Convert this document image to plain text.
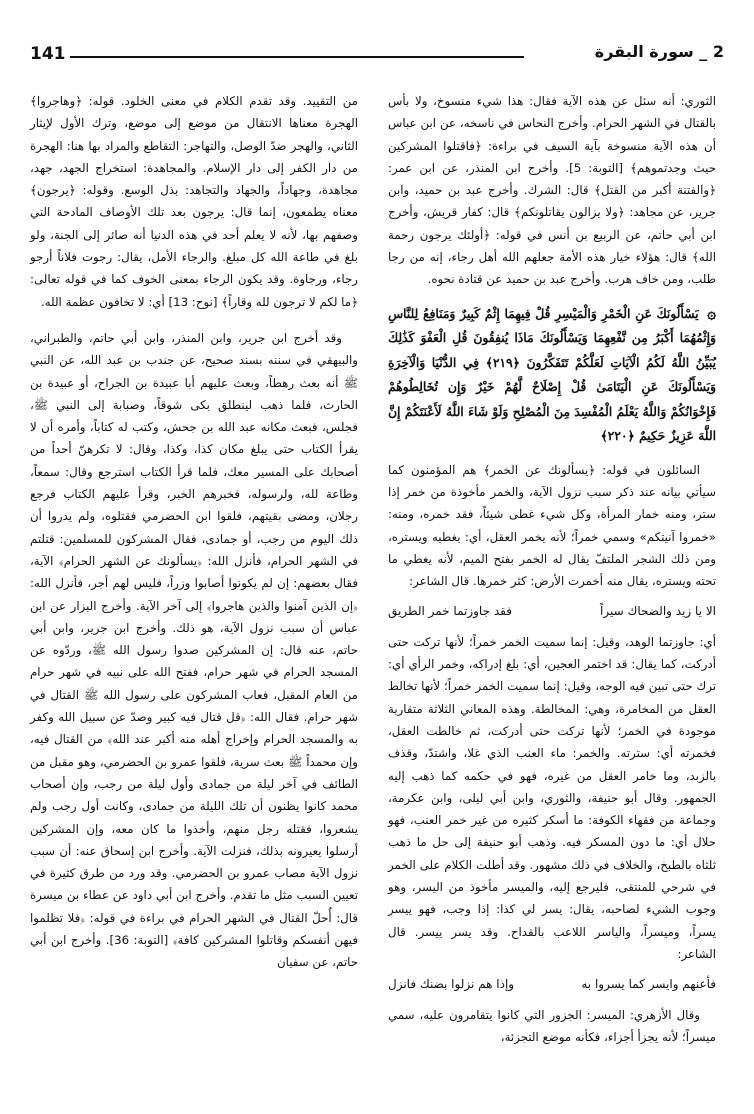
141	2 _ سورة البقرة

من التقييد. وقد تقدم الكلام في معنى الخلود. قوله: ﴿وهاجروا﴾ الهجرة معناها الانتقال من موضع إلى موضع، وترك الأول لإيثار الثاني، والهجر ضدّ الوصل، والتهاجر: التقاطع والمراد بها هنا: الهجرة من دار الكفر إلى دار الإسلام. والمجاهدة: استخراج الجهد، جهد، مجاهدة، وجهاداً، والجهاد والتجاهد: بذل الوسع. وقوله: ﴿يرجون﴾ معناه يطمعون، إنما قال: يرجون بعد تلك الأوصاف المادحة التي وصفهم بها، لأنه لا يعلم أحد في هذه الدنيا أنه صائر إلى الجنة، ولو بلغ في طاعة الله كل مبلغ. والرجاء الأمل، يقال: رجوت فلاناً أرجو رجاء، ورجاوة. وقد يكون الرجاء بمعنى الخوف كما في قوله تعالى: ﴿ما لكم لا ترجون لله وقاراً﴾ [نوح: 13] أي: لا تخافون عظمة الله.

وقد أخرج ابن جرير، وابن المنذر، وابن أبي حاتم، والطبراني، والبيهقي في سننه بسند صحيح، عن جندب بن عبد الله، عن النبي ﷺ أنه بعث رهطاً، وبعث عليهم أبا عبيدة بن الجراح، أو عبيدة بن الحارث، فلما ذهب لينطلق بكى شوقاً، وصبابة إلى النبي ﷺ، فجلس، فبعث مكانه عبد الله بن جحش، وكتب له كتاباً، وأمره أن لا يقرأ الكتاب حتى يبلغ مكان كذا، وكذا، وقال: لا تكرهنّ أحداً من أصحابك على المسير معك، فلما قرأ الكتاب استرجع وقال: سمعاً، وطاعة لله، ولرسوله، فخبرهم الخبر، وقرأ عليهم الكتاب فرجع رجلان، ومضى بقيتهم، فلقوا ابن الحضرمي فقتلوه، ولم يدروا أن ذلك اليوم من رجب، أو جمادى، فقال المشركون للمسلمين: قتلتم في الشهر الحرام، فأنزل الله: ﴿يسألونك عن الشهر الحرام﴾ الآية، فقال بعضهم: إن لم يكونوا أصابوا وزراً، فليس لهم أجر، فأنزل الله: ﴿إن الذين آمنوا والذين هاجروا﴾ إلى آخر الآية. وأخرج البزار عن ابن عباس أن سبب نزول الآية، هو ذلك. وأخرج ابن جرير، وابن أبي حاتم، عنه قال: إن المشركين صدوا رسول الله ﷺ، وردّوه عن المسجد الحرام في شهر حرام، ففتح الله على نبيه في شهر حرام من العام المقبل، فعاب المشركون على رسول الله ﷺ القتال في شهر حرام. فقال الله: ﴿قل قتال فيه كبير وصدّ عن سبيل الله وكفر به والمسجد الحرام وإخراج أهله منه أكبر عند الله﴾ من القتال فيه، وإن محمداً ﷺ بعث سرية، فلقوا عمرو بن الحضرمي، وهو مقبل من الطائف في آخر ليلة من جمادى وأول ليلة من رجب، وإن أصحاب محمد كانوا يظنون أن تلك الليلة من جمادى، وكانت أول رجب ولم يشعروا، فقتله رجل منهم، وأخذوا ما كان معه، وإن المشركين أرسلوا يعيرونه بذلك، فنزلت الآية. وأخرج ابن إسحاق عنه: أن سبب نزول الآية مصاب عمرو بن الحضرمي. وقد ورد من طرق كثيرة في تعيين السبب مثل ما تقدم. وأخرج ابن أبي داود عن عطاء بن ميسرة قال: أُحلّ القتال في الشهر الحرام في براءة في قوله: ﴿فلا تظلموا فيهن أنفسكم وقاتلوا المشركين كافة﴾ [التوبة: 36]. وأخرج ابن أبي حاتم، عن سفيان

الثوري: أنه سئل عن هذه الآية فقال: هذا شيء منسوخ، ولا بأس بالقتال في الشهر الحرام. وأخرج النحاس في ناسخه، عن ابن عباس أن هذه الآية منسوخة بآية السيف في براءة: ﴿فاقتلوا المشركين حيث وجدتموهم﴾ [التوبة: 5]. وأخرج ابن المنذر، عن ابن عمر: ﴿والفتنة أكبر من القتل﴾ قال: الشرك. وأخرج عبد بن حميد، وابن جرير، عن مجاهد: ﴿ولا يزالون يقاتلونكم﴾ قال: كفار قريش، وأخرج ابن أبي حاتم، عن الربيع بن أنس في قوله: ﴿أولئك يرجون رحمة الله﴾ قال: هؤلاء خيار هذه الأمة جعلهم الله أهل رجاء، إنه من رجا طلب، ومن خاف هرب. وأخرج عبد بن حميد عن قتادة نحوه.

۞ يَسْأَلُونَكَ عَنِ الْخَمْرِ وَالْمَيْسِرِ قُلْ فِيهِمَا إِثْمٌ كَبِيرٌ وَمَنَافِعُ لِلنَّاسِ وَإِثْمُهُمَا أَكْبَرُ مِن نَّفْعِهِمَا وَيَسْأَلُونَكَ مَاذَا يُنفِقُونَ قُلِ الْعَفْوَ كَذَٰلِكَ يُبَيِّنُ اللَّهُ لَكُمُ الْآيَاتِ لَعَلَّكُمْ تَتَفَكَّرُونَ ﴿٢١٩﴾ فِي الدُّنْيَا وَالْآخِرَةِ وَيَسْأَلُونَكَ عَنِ الْيَتَامَىٰ قُلْ إِصْلَاحٌ لَّهُمْ خَيْرٌ وَإِن تُخَالِطُوهُمْ فَإِخْوَانُكُمْ وَاللَّهُ يَعْلَمُ الْمُفْسِدَ مِنَ الْمُصْلِحِ وَلَوْ شَاءَ اللَّهُ لَأَعْنَتَكُمْ إِنَّ اللَّهَ عَزِيزٌ حَكِيمٌ ﴿٢٢٠﴾

السائلون في قوله: ﴿يسألونك عن الخمر﴾ هم المؤمنون كما سيأتي بيانه عند ذكر سبب نزول الآية، والخمر مأخوذة من خمر إذا ستر، ومنه خمار المرأة، وكل شيء غطى شيئاً، فقد خمره، ومنه: «خمروا آنيتكم» وسمي خمراً؛ لأنه يخمر العقل، أي: يغطيه ويستره، ومن ذلك الشجر الملتفّ يقال له الخمر بفتح الميم، لأنه يغطي ما تحته ويستره، يقال منه أخمرت الأرض: كثر خمرها. قال الشاعر:

الا يا زيد والضحاك سيراً
فقد جاوزتما خمر الطريق

أي: جاوزتما الوهد، وقيل: إنما سميت الخمر خمراً؛ لأنها تركت حتى أدركت، كما يقال: قد اختمر العجين، أي: بلغ إدراكه، وخمر الرأي أي: ترك حتى تبين فيه الوجه، وقيل: إنما سميت الخمر خمراً؛ لأنها تخالط العقل من المخامرة، وهي: المخالطة. وهذه المعاني الثلاثة متقاربة موجودة في الخمر؛ لأنها تركت حتى أدركت، ثم خالطت العقل، فخمرته أي: سترته. والخمر: ماء العنب الذي غلا، واشتدّ، وقذف بالزبد، وما خامر العقل من غيره، فهو في حكمه كما ذهب إليه الجمهور. وقال أبو حنيفة، والثوري، وابن أبي ليلى، وابن عكرمة، وجماعة من فقهاء الكوفة: ما أسكر كثيره من غير خمر العنب، فهو حلال أي: ما دون المسكر فيه. وذهب أبو حنيفة إلى حل ما ذهب ثلثاه بالطبخ، والخلاف في ذلك مشهور. وقد أطلت الكلام على الخمر في شرحي للمنتقى، فليرجع إليه، والميسر مأخوذ من اليسر، وهو وجوب الشيء لصاحبه، يقال: يسر لي كذا: إذا وجب، فهو ييسر يسراً، وميسراً، والياسر اللاعب بالقداح. وقد يسر ييسر. قال الشاعر:

فأعنهم وايسر كما يسروا به
وإذا هم نزلوا بضنك فانزل

وقال الأزهري: الميسر: الجزور التي كانوا يتقامرون عليه، سمي ميسراً؛ لأنه يجزأ أجزاء، فكأنه موضع التجزئة،
